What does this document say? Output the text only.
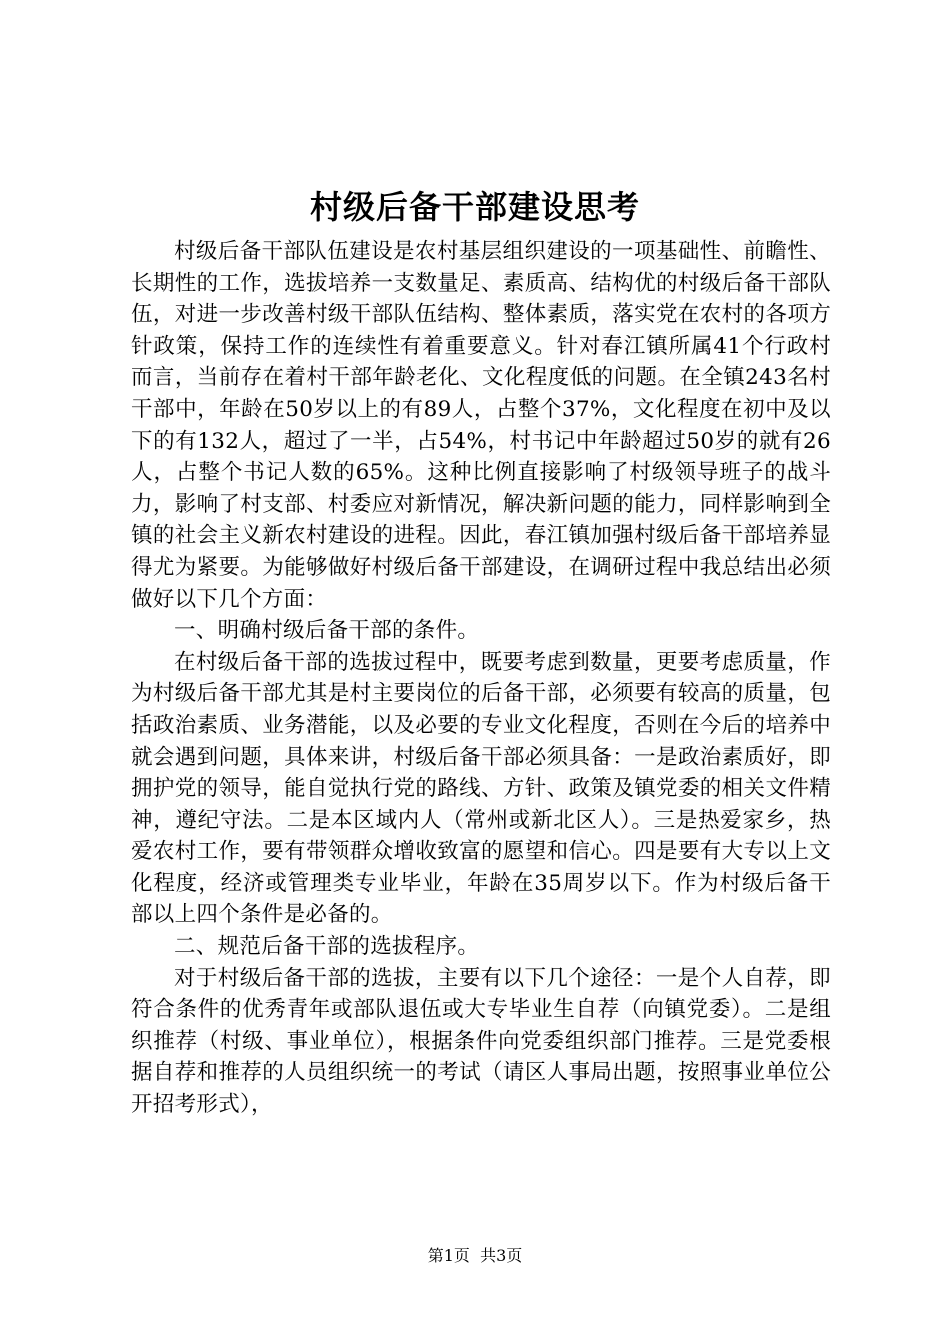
村级后备干部建设思考

村级后备干部队伍建设是农村基层组织建设的一项基础性、前瞻性、长期性的工作，选拔培养一支数量足、素质高、结构优的村级后备干部队伍，对进一步改善村级干部队伍结构、整体素质，落实党在农村的各项方针政策，保持工作的连续性有着重要意义。针对春江镇所属41个行政村而言，当前存在着村干部年龄老化、文化程度低的问题。在全镇243名村干部中，年龄在50岁以上的有89人，占整个37%，文化程度在初中及以下的有132人，超过了一半，占54%，村书记中年龄超过50岁的就有26人，占整个书记人数的65%。这种比例直接影响了村级领导班子的战斗力，影响了村支部、村委应对新情况，解决新问题的能力，同样影响到全镇的社会主义新农村建设的进程。因此，春江镇加强村级后备干部培养显得尤为紧要。为能够做好村级后备干部建设，在调研过程中我总结出必须做好以下几个方面：

一、明确村级后备干部的条件。

在村级后备干部的选拔过程中，既要考虑到数量，更要考虑质量，作为村级后备干部尤其是村主要岗位的后备干部，必须要有较高的质量，包括政治素质、业务潜能，以及必要的专业文化程度，否则在今后的培养中就会遇到问题，具体来讲，村级后备干部必须具备：一是政治素质好，即拥护党的领导，能自觉执行党的路线、方针、政策及镇党委的相关文件精神，遵纪守法。二是本区域内人（常州或新北区人）。三是热爱家乡，热爱农村工作，要有带领群众增收致富的愿望和信心。四是要有大专以上文化程度，经济或管理类专业毕业，年龄在35周岁以下。作为村级后备干部以上四个条件是必备的。

二、规范后备干部的选拔程序。

对于村级后备干部的选拔，主要有以下几个途径：一是个人自荐，即符合条件的优秀青年或部队退伍或大专毕业生自荐（向镇党委）。二是组织推荐（村级、事业单位），根据条件向党委组织部门推荐。三是党委根据自荐和推荐的人员组织统一的考试（请区人事局出题，按照事业单位公开招考形式），

第1页  共3页
